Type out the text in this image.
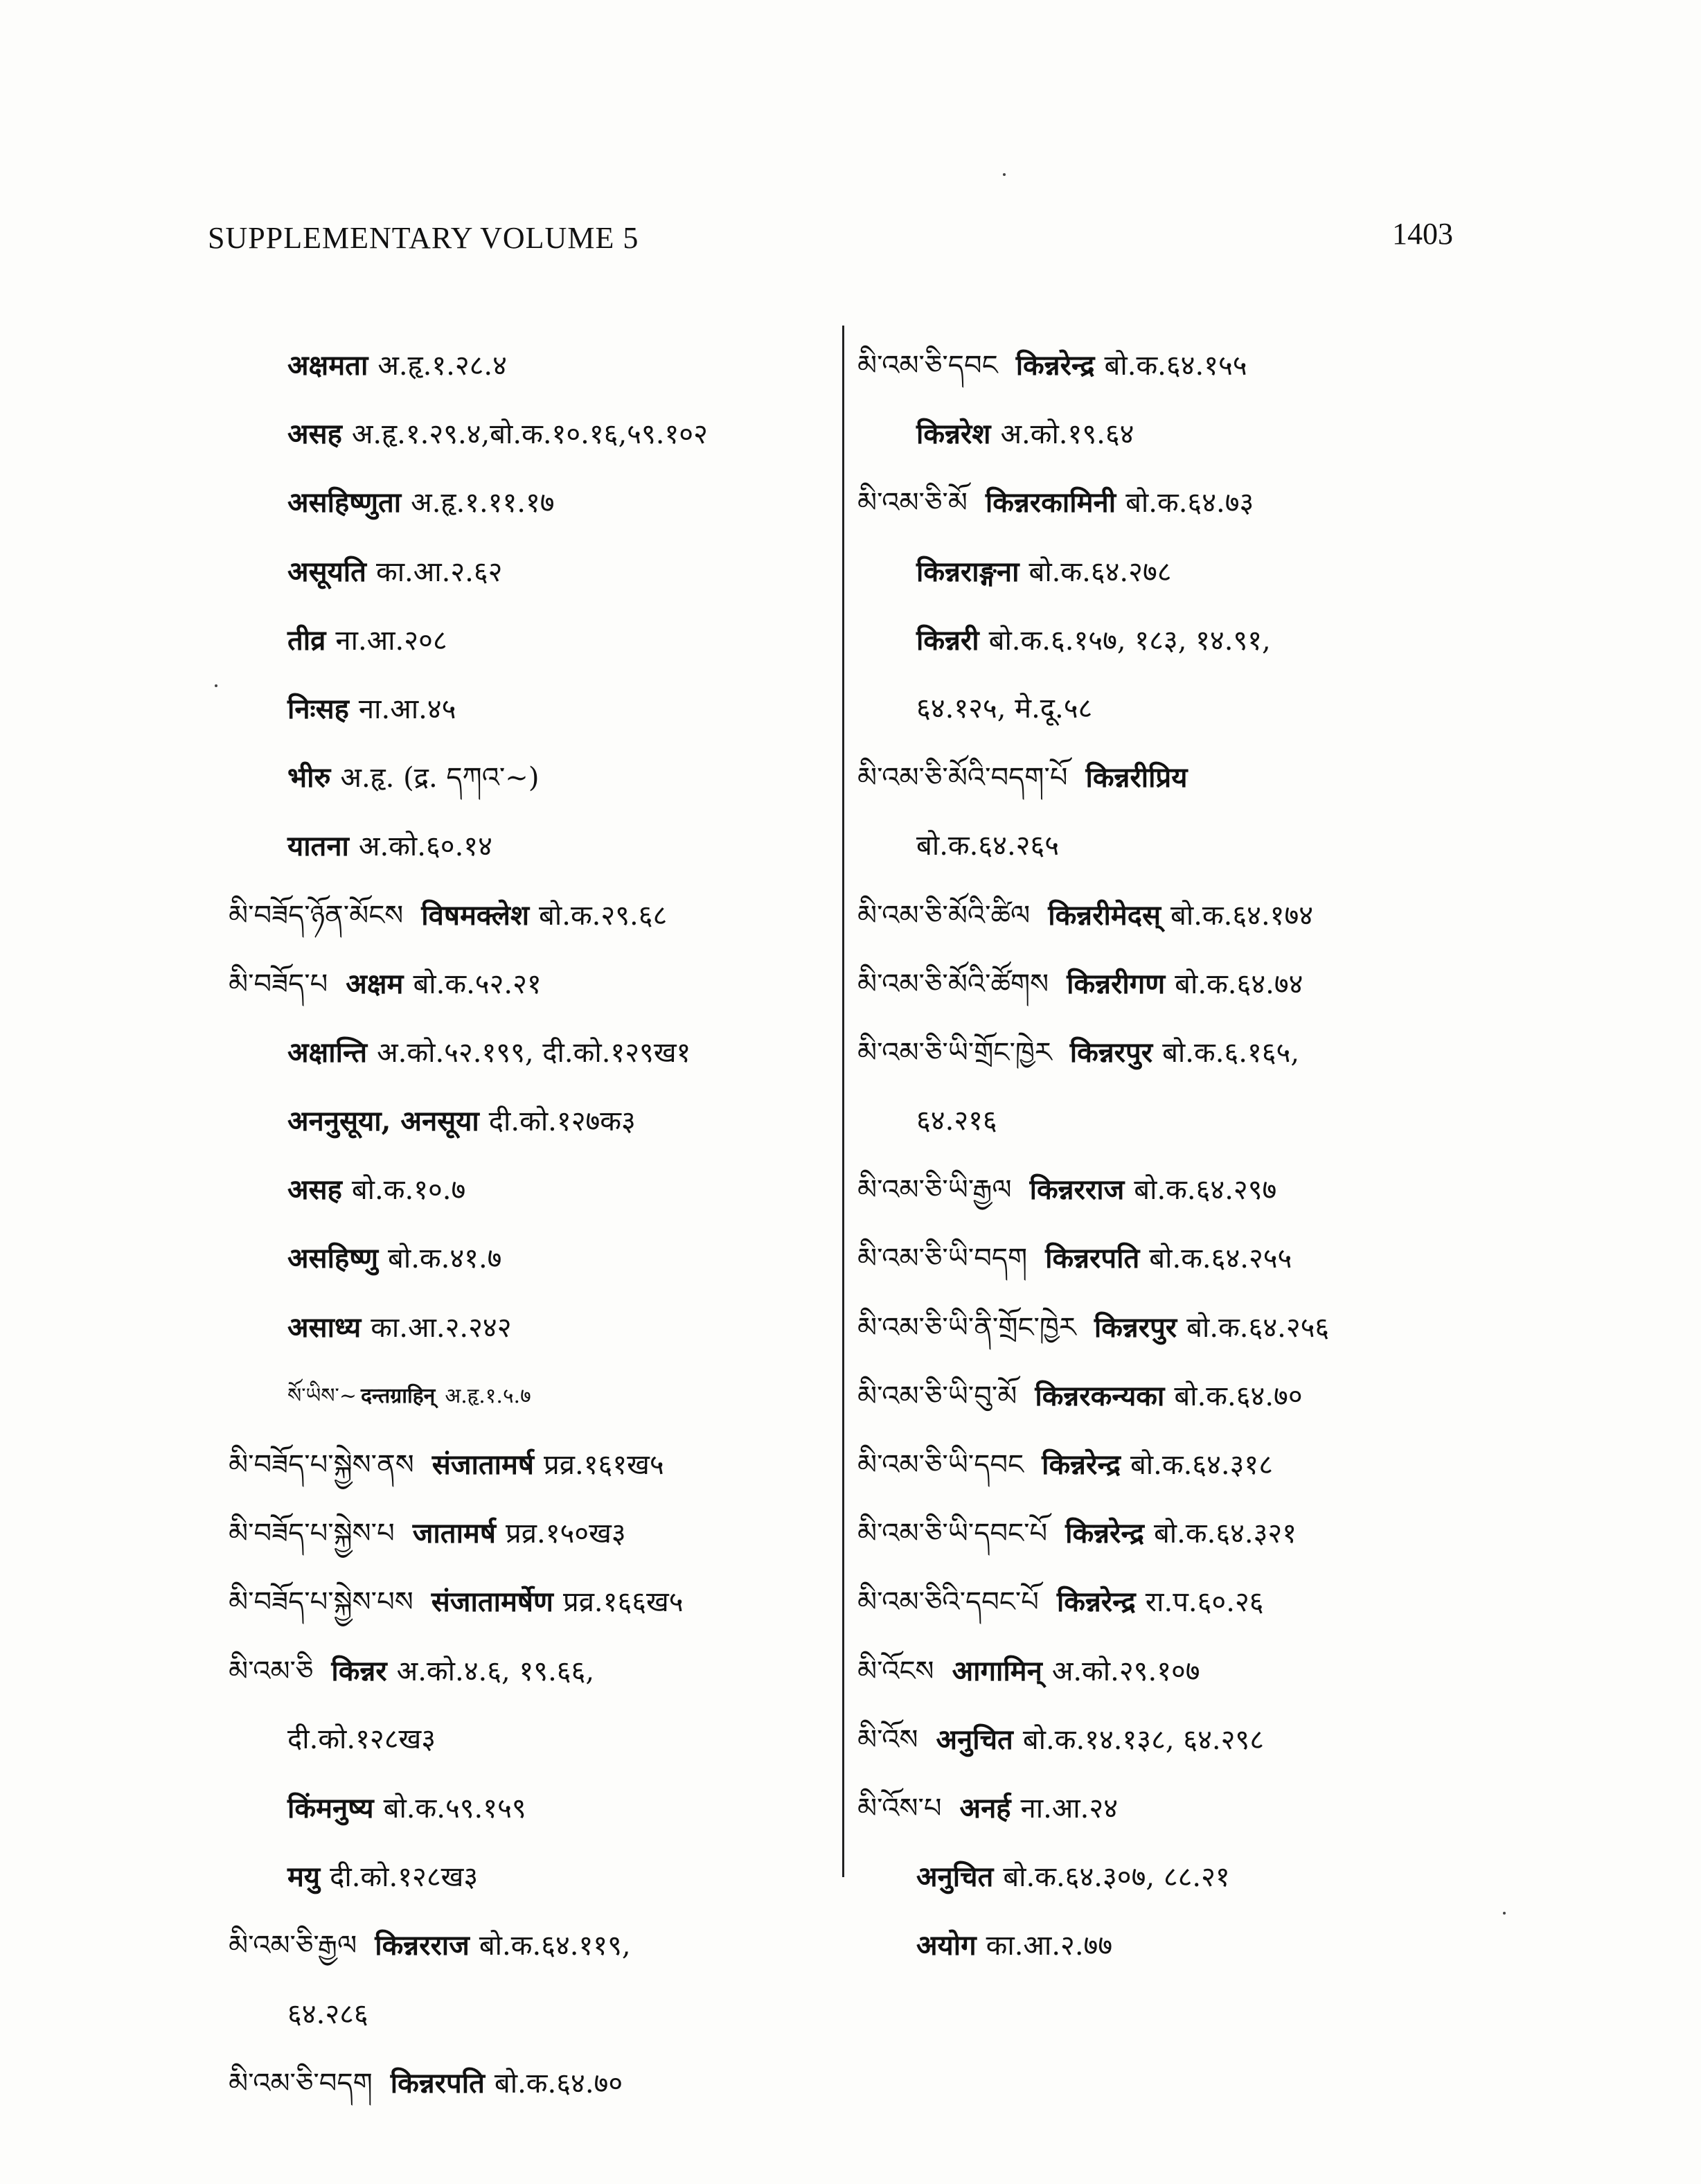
SUPPLEMENTARY VOLUME 5	1403
अक्षमता अ.हृ.१.२८.४
असह अ.हृ.१.२९.४,बो.क.१०.१६,५९.१०२
असहिष्णुता अ.हृ.१.११.१७
असूयति का.आ.२.६२
तीव्र ना.आ.२०८
निःसह ना.आ.४५
भीरु अ.हृ. (द्र. དཀའ་~)
यातना अ.को.६०.१४
མི་བཟོད་ཉོན་མོངས विषमक्लेश बो.क.२९.६८
མི་བཟོད་པ अक्षम बो.क.५२.२१
अक्षान्ति अ.को.५२.१९९, दी.को.१२९ख१
अननुसूया, अनसूया दी.को.१२७क३
असह बो.क.१०.७
असहिष्णु बो.क.४१.७
असाध्य का.आ.२.२४२
སོ་ཡིས་~ दन्तग्राहिन् अ.हृ.१.५.७
མི་བཟོད་པ་སྐྱེས་ནས संजातामर्ष प्रव्र.१६१ख५
མི་བཟོད་པ་སྐྱེས་པ जातामर्ष प्रव्र.१५०ख३
མི་བཟོད་པ་སྐྱེས་པས संजातामर्षेण प्रव्र.१६६ख५
མི་འམ་ཅི किन्नर अ.को.४.६, १९.६६,
दी.को.१२८ख३
किंमनुष्य बो.क.५९.१५९
मयु दी.को.१२८ख३
མི་འམ་ཅི་རྒྱལ किन्नरराज बो.क.६४.११९,
६४.२८६
མི་འམ་ཅི་བདག किन्नरपति बो.क.६४.७०
མི་འམ་ཅི་དབང किन्नरेन्द्र बो.क.६४.१५५
किन्नरेश अ.को.१९.६४
མི་འམ་ཅི་མོ किन्नरकामिनी बो.क.६४.७३
किन्नराङ्गना बो.क.६४.२७८
किन्नरी बो.क.६.१५७, १८३, १४.९१,
६४.१२५, मे.दू.५८
མི་འམ་ཅི་མོའི་བདག་པོ किन्नरीप्रिय
बो.क.६४.२६५
མི་འམ་ཅི་མོའི་ཚིལ किन्नरीमेदस् बो.क.६४.१७४
མི་འམ་ཅི་མོའི་ཚོགས किन्नरीगण बो.क.६४.७४
མི་འམ་ཅི་ཡི་གྲོང་ཁྱེར किन्नरपुर बो.क.६.१६५,
६४.२१६
མི་འམ་ཅི་ཡི་རྒྱལ किन्नरराज बो.क.६४.२९७
མི་འམ་ཅི་ཡི་བདག किन्नरपति बो.क.६४.२५५
མི་འམ་ཅི་ཡི་ནི་གྲོང་ཁྱེར किन्नरपुर बो.क.६४.२५६
མི་འམ་ཅི་ཡི་བུ་མོ किन्नरकन्यका बो.क.६४.७०
མི་འམ་ཅི་ཡི་དབང किन्नरेन्द्र बो.क.६४.३१८
མི་འམ་ཅི་ཡི་དབང་པོ किन्नरेन्द्र बो.क.६४.३२१
མི་འམ་ཅིའི་དབང་པོ किन्नरेन्द्र रा.प.६०.२६
མི་འོངས आगामिन् अ.को.२९.१०७
མི་འོས अनुचित बो.क.१४.१३८, ६४.२९८
མི་འོས་པ अनर्ह ना.आ.२४
अनुचित बो.क.६४.३०७, ८८.२१
अयोग का.आ.२.७७
